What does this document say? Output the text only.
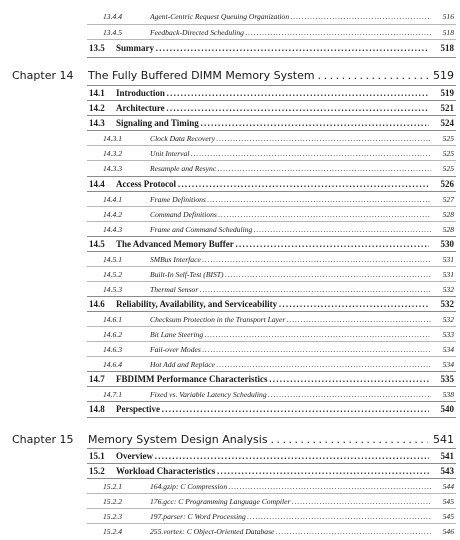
13.4.4	Agent-Centric Request Queuing Organization . . .	516
13.4.5	Feedback-Directed Scheduling . . .	518
13.5 Summary . . .	518
Chapter 14 The Fully Buffered DIMM Memory System . . .	519
14.1 Introduction . . .	519
14.2 Architecture . . .	521
14.3 Signaling and Timing . . .	524
14.3.1	Clock Data Recovery . . .	525
14.3.2	Unit Interval . . .	525
14.3.3	Resample and Resync . . .	525
14.4 Access Protocol . . .	526
14.4.1	Frame Definitions . . .	527
14.4.2	Command Definitions . . .	528
14.4.3	Frame and Command Scheduling . . .	528
14.5 The Advanced Memory Buffer . . .	530
14.5.1	SMBus Interface . . .	531
14.5.2	Built-In Self-Test (BIST) . . .	531
14.5.3	Thermal Sensor . . .	532
14.6 Reliability, Availability, and Serviceability . . .	532
14.6.1	Checksum Protection in the Transport Layer . . .	532
14.6.2	Bit Lane Steering . . .	533
14.6.3	Fail-over Modes . . .	534
14.6.4	Hot Add and Replace . . .	534
14.7 FBDIMM Performance Characteristics . . .	535
14.7.1	Fixed vs. Variable Latency Scheduling . . .	538
14.8 Perspective . . .	540
Chapter 15 Memory System Design Analysis . . .	541
15.1 Overview . . .	541
15.2 Workload Characteristics . . .	543
15.2.1	164.gzip: C Compression . . .	544
15.2.2	176.gcc: C Programming Language Compiler . . .	545
15.2.3	197.parser: C Word Processing . . .	545
15.2.4	255.vortex: C Object-Oriented Database . . .	546
